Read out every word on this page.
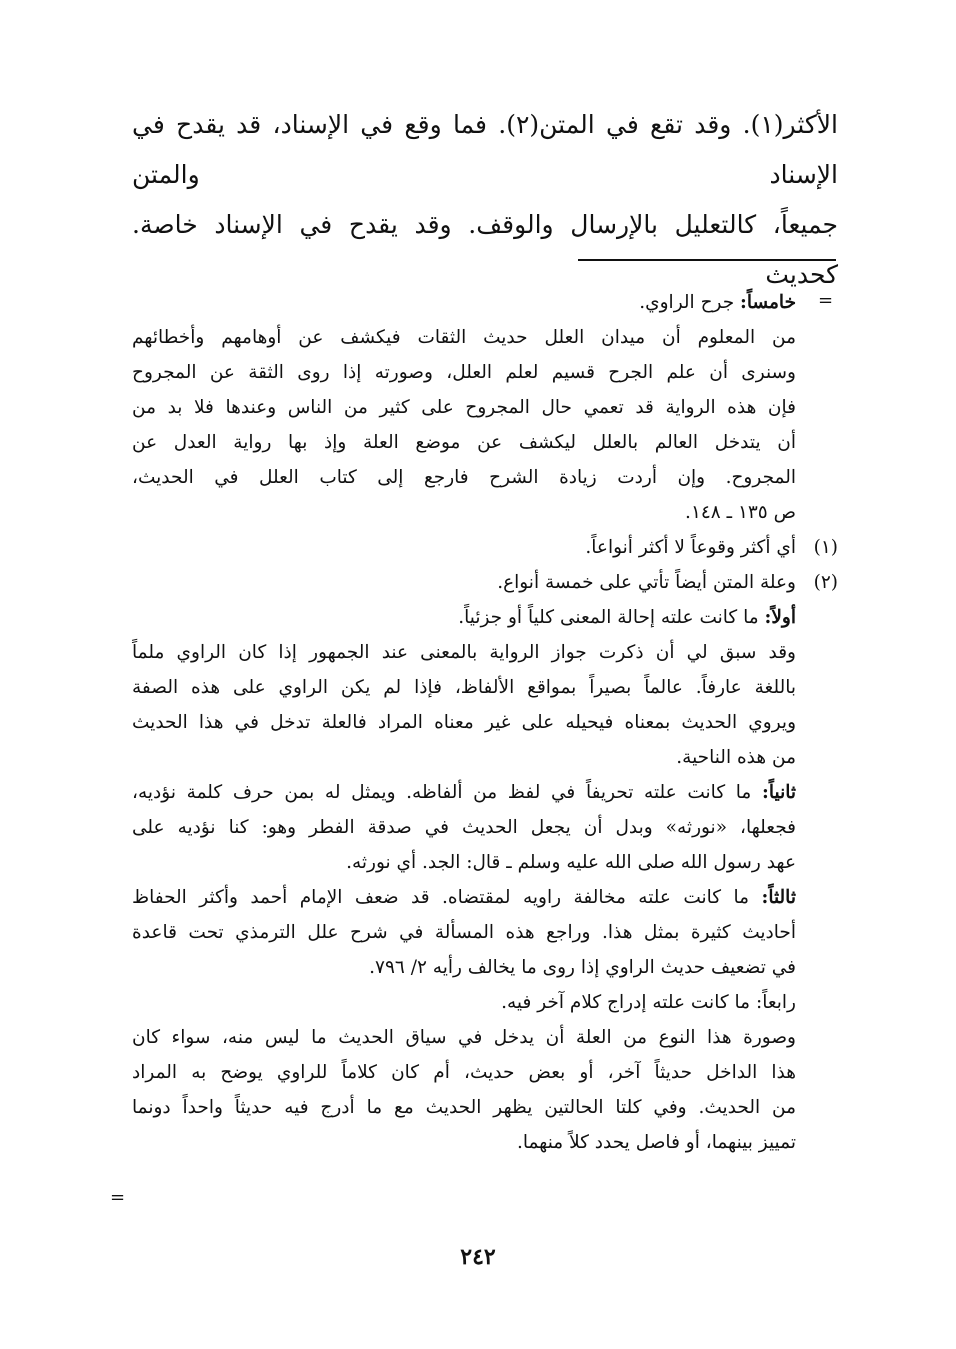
الأكثر(١). وقد تقع في المتن(٢). فما وقع في الإسناد، قد يقدح في الإسناد والمتن

جميعاً، كالتعليل بالإرسال والوقف. وقد يقدح في الإسناد خاصة. كحديث

=

خامساً: جرح الراوي.

من المعلوم أن ميدان العلل حديث الثقات فيكشف عن أوهامهم وأخطائهم

وسنرى أن علم الجرح قسيم لعلم العلل، وصورته إذا روى الثقة عن المجروح

فإن هذه الرواية قد تعمي حال المجروح على كثير من الناس وعندها فلا بد من

أن يتدخل العالم بالعلل ليكشف عن موضع العلة وإذ بها رواية العدل عن

المجروح. وإن أردت زيادة الشرح فارجع إلى كتاب العلل في الحديث،

ص ١٣٥ ـ ١٤٨.

(١)
أي أكثر وقوعاً لا أكثر أنواعاً.

(٢)
وعلة المتن أيضاً تأتي على خمسة أنواع.

أولاً: ما كانت علته إحالة المعنى كلياً أو جزئياً.

وقد سبق لي أن ذكرت جواز الرواية بالمعنى عند الجمهور إذا كان الراوي ملماً

باللغة عارفاً. عالماً بصيراً بمواقع الألفاظ، فإذا لم يكن الراوي على هذه الصفة

ويروي الحديث بمعناه فيحيله على غير معناه المراد فالعلة تدخل في هذا الحديث

من هذه الناحية.

ثانياً: ما كانت علته تحريفاً في لفظ من ألفاظه. ويمثل له بمن حرف كلمة نؤديه،

فجعلها، «نورثه» وبدل أن يجعل الحديث في صدقة الفطر وهو: كنا نؤديه على

عهد رسول الله صلى الله عليه وسلم ـ قال: الجد. أي نورثه.

ثالثاً: ما كانت علته مخالفة راويه لمقتضاه. قد ضعف الإمام أحمد وأكثر الحفاظ

أحاديث كثيرة بمثل هذا. وراجع هذه المسألة في شرح علل الترمذي تحت قاعدة

في تضعيف حديث الراوي إذا روى ما يخالف رأيه ٢/ ٧٩٦.

رابعاً: ما كانت علته إدراج كلام آخر فيه.

وصورة هذا النوع من العلة أن يدخل في سياق الحديث ما ليس منه، سواء كان

هذا الداخل حديثاً آخر، أو بعض حديث، أم كان كلاماً للراوي يوضح به المراد

من الحديث. وفي كلتا الحالتين يظهر الحديث مع ما أدرج فيه حديثاً واحداً دونما

تمييز بينهما، أو فاصل يحدد كلاً منهما.

=
٢٤٢
